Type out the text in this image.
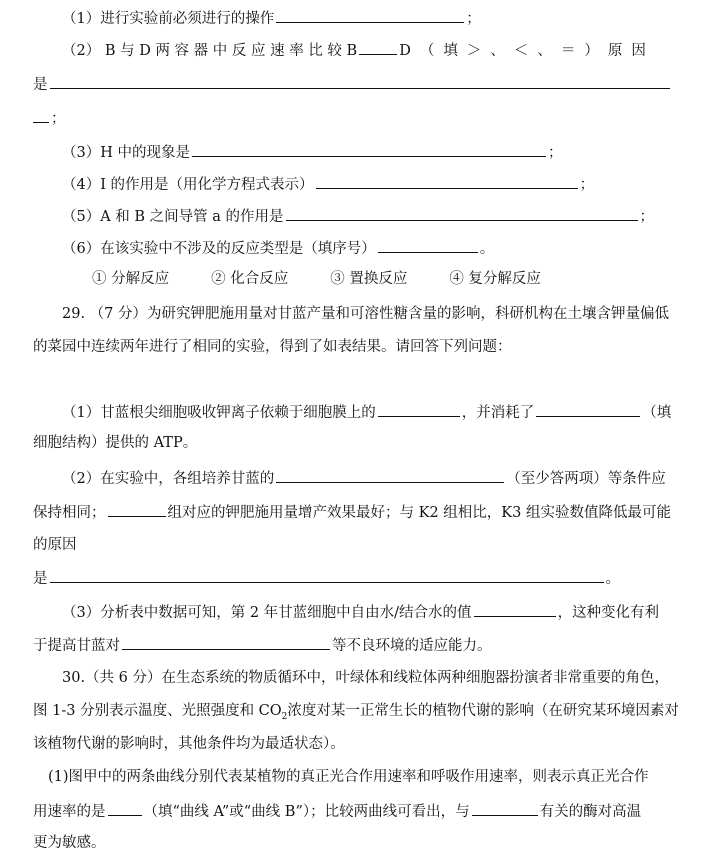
（1）进行实验前必须进行的操作	；
（2） B 与 D 两 容 器 中 反 应 速 率 比 较 B	D（填＞、＜、＝）原因
是
；
（3）H 中的现象是	；
（4）I 的作用是（用化学方程式表示）	；
（5）A 和 B 之间导管 a 的作用是	；
（6）在该实验中不涉及的反应类型是（填序号）	。
① 分解反应	② 化合反应	③ 置换反应	④ 复分解反应
29. （7 分）为研究钾肥施用量对甘蓝产量和可溶性糖含量的影响，科研机构在土壤含钾量偏低
的菜园中连续两年进行了相同的实验，得到了如表结果。请回答下列问题：
（1）甘蓝根尖细胞吸收钾离子依赖于细胞膜上的	，并消耗了	（填
细胞结构）提供的 ATP。
（2）在实验中，各组培养甘蓝的	（至少答两项）等条件应
保持相同；	组对应的钾肥施用量增产效果最好；与 K2 组相比，K3 组实验数值降低最可能
的原因
是	。
（3）分析表中数据可知，第 2 年甘蓝细胞中自由水/结合水的值	，这种变化有利
于提高甘蓝对	等不良环境的适应能力。
30.（共 6 分）在生态系统的物质循环中，叶绿体和线粒体两种细胞器扮演者非常重要的角色，
图 1-3 分别表示温度、光照强度和 $CO_2$浓度对某一正常生长的植物代谢的影响（在研究某环境因素对
该植物代谢的影响时，其他条件均为最适状态）。
(1)图甲中的两条曲线分别代表某植物的真正光合作用速率和呼吸作用速率，则表示真正光合作
用速率的是	（填“曲线 A”或“曲线 B”）；比较两曲线可看出，与	有关的酶对高温
更为敏感。
